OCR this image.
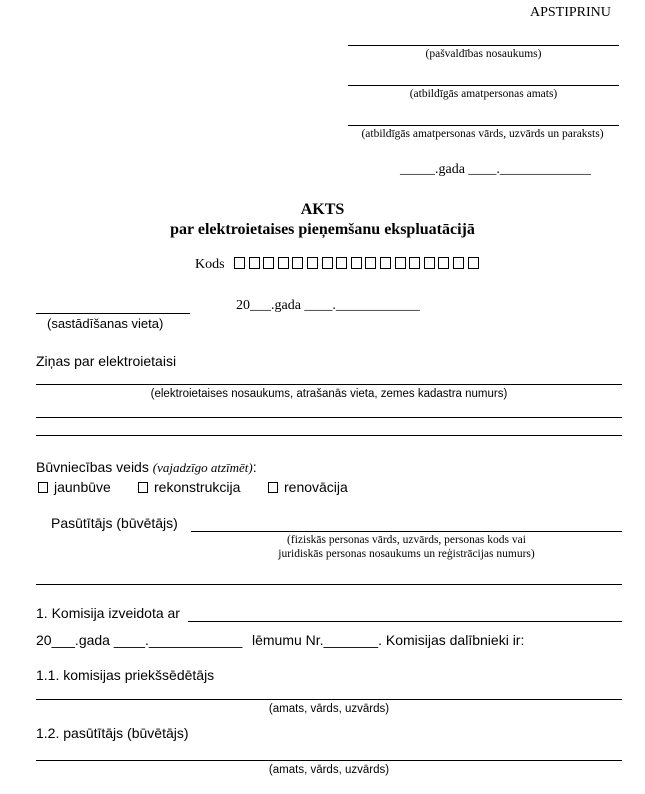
APSTIPRINU
(pašvaldības nosaukums)
(atbildīgās amatpersonas amats)
(atbildīgās amatpersonas vārds, uzvārds un paraksts)
_____.gada ____._____________
AKTS
par elektroietaises pieņemšanu ekspluatācijā
Kods
20___.gada ____.____________
(sastādīšanas vieta)
Ziņas par elektroietaisi
(elektroietaises nosaukums, atrašanās vieta, zemes kadastra numurs)
Būvniecības veids (vajadzīgo atzīmēt):
jaunbūve	rekonstrukcija	renovācija
Pasūtītājs (būvētājs)
(fiziskās personas vārds, uzvārds, personas kods vai
juridiskās personas nosaukums un reģistrācijas numurs)
1. Komisija izveidota ar
20___.gada ____.____________ lēmumu Nr._______. Komisijas dalībnieki ir:
1.1. komisijas priekšsēdētājs
(amats, vārds, uzvārds)
1.2. pasūtītājs (būvētājs)
(amats, vārds, uzvārds)
